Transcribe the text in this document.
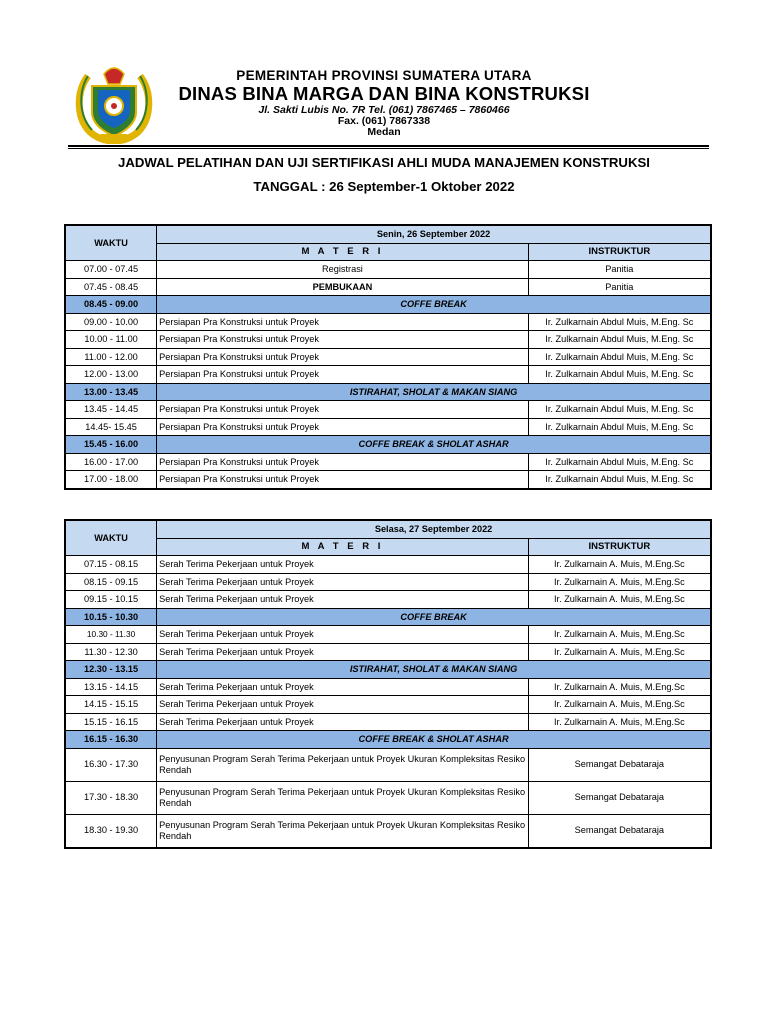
PEMERINTAH PROVINSI SUMATERA UTARA
DINAS BINA MARGA DAN BINA KONSTRUKSI
Jl. Sakti Lubis No. 7R Tel. (061) 7867465 – 7860466
Fax. (061) 7867338
Medan
JADWAL PELATIHAN DAN UJI SERTIFIKASI AHLI MUDA MANAJEMEN KONSTRUKSI
TANGGAL : 26 September-1 Oktober 2022
WAKTU	Senin, 26 September 2022	
	M A T E R I	INSTRUKTUR
07.00 - 07.45	Registrasi	Panitia
07.45 - 08.45	PEMBUKAAN	Panitia
08.45 - 09.00	COFFE BREAK	
09.00 - 10.00	Persiapan Pra Konstruksi untuk Proyek	Ir. Zulkarnain Abdul Muis, M.Eng. Sc
10.00 - 11.00	Persiapan Pra Konstruksi untuk Proyek	Ir. Zulkarnain Abdul Muis, M.Eng. Sc
11.00 - 12.00	Persiapan Pra Konstruksi untuk Proyek	Ir. Zulkarnain Abdul Muis, M.Eng. Sc
12.00 - 13.00	Persiapan Pra Konstruksi untuk Proyek	Ir. Zulkarnain Abdul Muis, M.Eng. Sc
13.00 - 13.45	ISTIRAHAT, SHOLAT & MAKAN SIANG	
13.45 - 14.45	Persiapan Pra Konstruksi untuk Proyek	Ir. Zulkarnain Abdul Muis, M.Eng. Sc
14.45- 15.45	Persiapan Pra Konstruksi untuk Proyek	Ir. Zulkarnain Abdul Muis, M.Eng. Sc
15.45 - 16.00	COFFE BREAK & SHOLAT ASHAR	
16.00 - 17.00	Persiapan Pra Konstruksi untuk Proyek	Ir. Zulkarnain Abdul Muis, M.Eng. Sc
17.00 - 18.00	Persiapan Pra Konstruksi untuk Proyek	Ir. Zulkarnain Abdul Muis, M.Eng. Sc
WAKTU	Selasa, 27 September 2022	
	M A T E R I	INSTRUKTUR
07.15 - 08.15	Serah Terima Pekerjaan untuk Proyek	Ir. Zulkarnain A. Muis, M.Eng.Sc
08.15 - 09.15	Serah Terima Pekerjaan untuk Proyek	Ir. Zulkarnain A. Muis, M.Eng.Sc
09.15 - 10.15	Serah Terima Pekerjaan untuk Proyek	Ir. Zulkarnain A. Muis, M.Eng.Sc
10.15 - 10.30	COFFE BREAK	
10.30 - 11.30	Serah Terima Pekerjaan untuk Proyek	Ir. Zulkarnain A. Muis, M.Eng.Sc
11.30 - 12.30	Serah Terima Pekerjaan untuk Proyek	Ir. Zulkarnain A. Muis, M.Eng.Sc
12.30 - 13.15	ISTIRAHAT, SHOLAT & MAKAN SIANG	
13.15 - 14.15	Serah Terima Pekerjaan untuk Proyek	Ir. Zulkarnain A. Muis, M.Eng.Sc
14.15 - 15.15	Serah Terima Pekerjaan untuk Proyek	Ir. Zulkarnain A. Muis, M.Eng.Sc
15.15 - 16.15	Serah Terima Pekerjaan untuk Proyek	Ir. Zulkarnain A. Muis, M.Eng.Sc
16.15 - 16.30	COFFE BREAK & SHOLAT ASHAR	
16.30 - 17.30	Penyusunan Program Serah Terima Pekerjaan untuk Proyek Ukuran Kompleksitas Resiko Rendah	Semangat Debataraja
17.30 - 18.30	Penyusunan Program Serah Terima Pekerjaan untuk Proyek Ukuran Kompleksitas Resiko Rendah	Semangat Debataraja
18.30 - 19.30	Penyusunan Program Serah Terima Pekerjaan untuk Proyek Ukuran Kompleksitas Resiko Rendah	Semangat Debataraja
